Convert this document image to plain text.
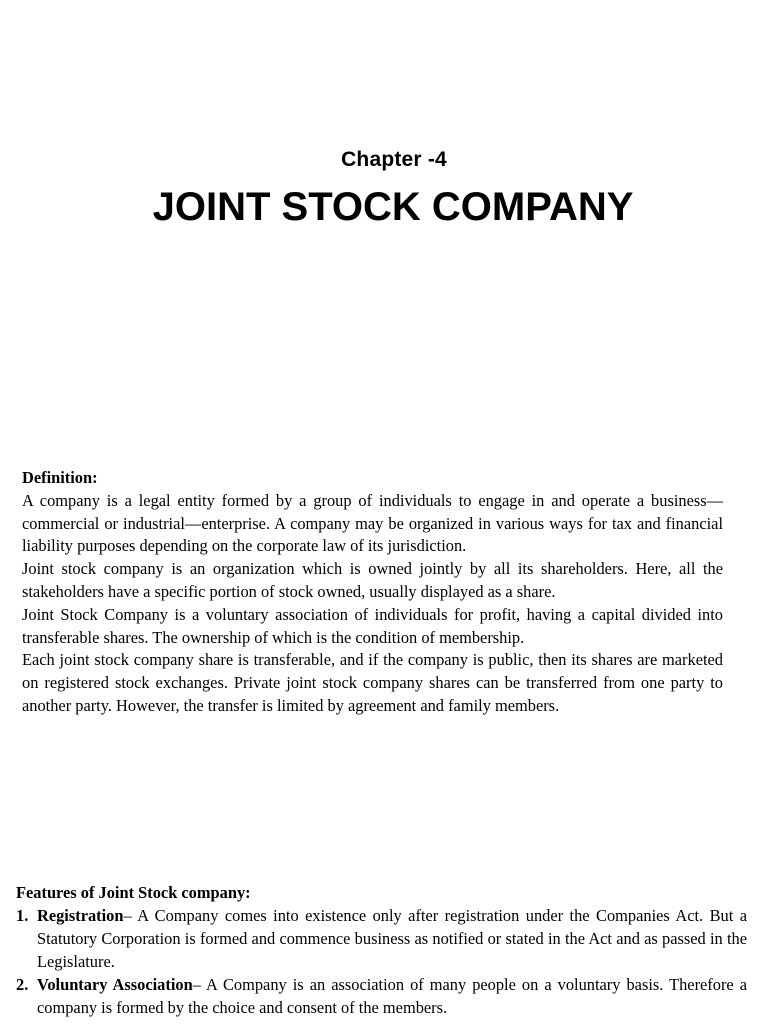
Chapter -4
JOINT STOCK COMPANY
Definition:

A company is a legal entity formed by a group of individuals to engage in and operate a business—commercial or industrial—enterprise. A company may be organized in various ways for tax and financial liability purposes depending on the corporate law of its jurisdiction.

Joint stock company is an organization which is owned jointly by all its shareholders. Here, all the stakeholders have a specific portion of stock owned, usually displayed as a share.

Joint Stock Company is a voluntary association of individuals for profit, having a capital divided into transferable shares. The ownership of which is the condition of membership.

Each joint stock company share is transferable, and if the company is public, then its shares are marketed on registered stock exchanges. Private joint stock company shares can be transferred from one party to another party. However, the transfer is limited by agreement and family members.

Features of Joint Stock company:
1. Registration– A Company comes into existence only after registration under the Companies Act. But a Statutory Corporation is formed and commence business as notified or stated in the Act and as passed in the Legislature.
2. Voluntary Association– A Company is an association of many people on a voluntary basis. Therefore a company is formed by the choice and consent of the members.
